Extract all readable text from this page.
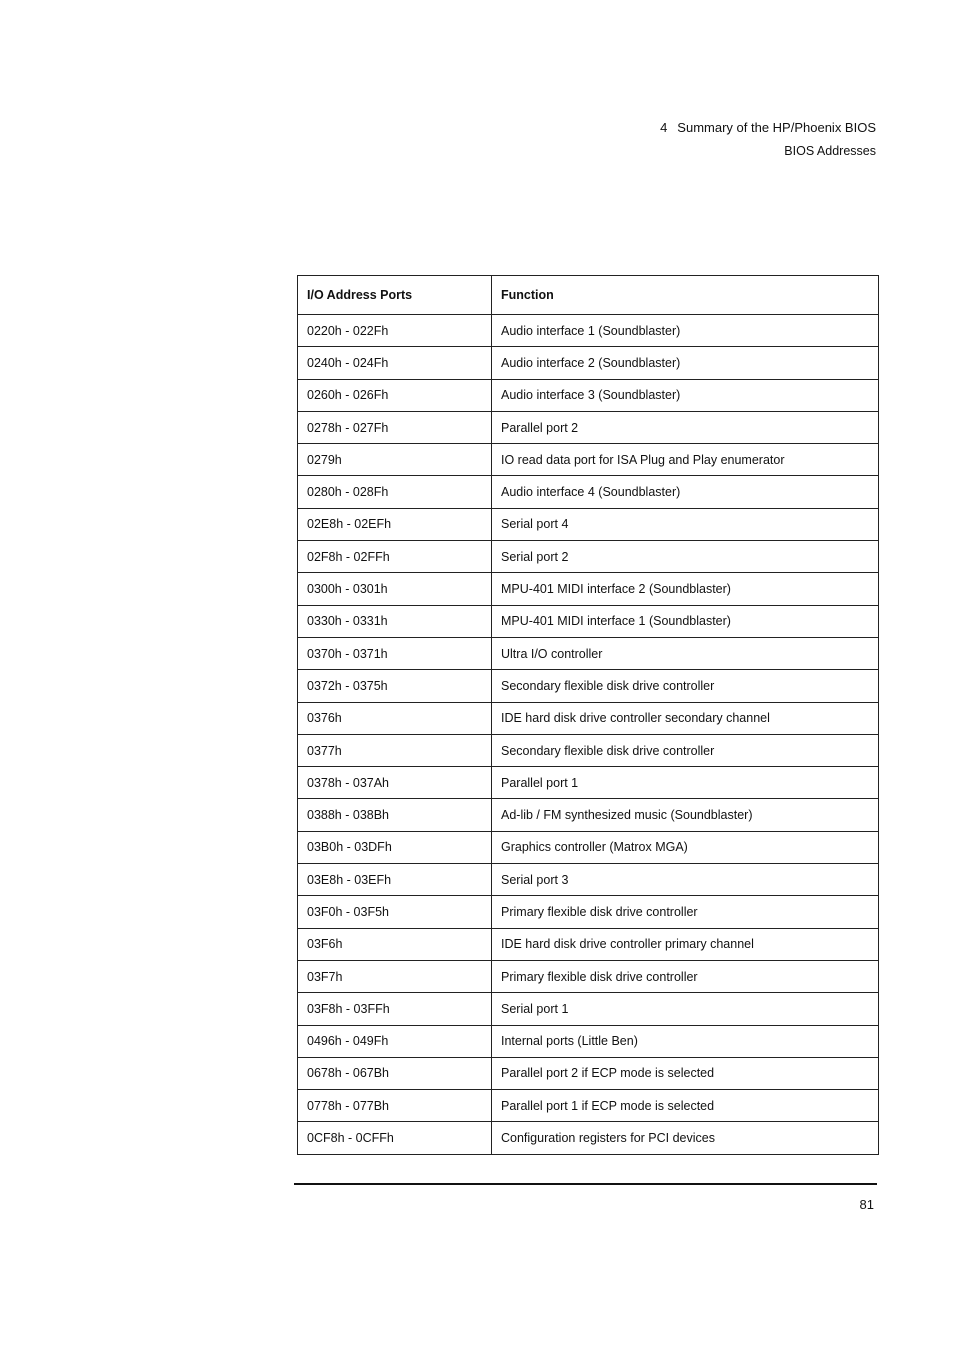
4 Summary of the HP/Phoenix BIOS
BIOS Addresses
I/O Address Ports	Function
0220h - 022Fh	Audio interface 1 (Soundblaster)
0240h - 024Fh	Audio interface 2 (Soundblaster)
0260h - 026Fh	Audio interface 3 (Soundblaster)
0278h - 027Fh	Parallel port 2
0279h	IO read data port for ISA Plug and Play enumerator
0280h - 028Fh	Audio interface 4 (Soundblaster)
02E8h - 02EFh	Serial port 4
02F8h - 02FFh	Serial port 2
0300h - 0301h	MPU-401 MIDI interface 2 (Soundblaster)
0330h - 0331h	MPU-401 MIDI interface 1 (Soundblaster)
0370h - 0371h	Ultra I/O controller
0372h - 0375h	Secondary flexible disk drive controller
0376h	IDE hard disk drive controller secondary channel
0377h	Secondary flexible disk drive controller
0378h - 037Ah	Parallel port 1
0388h - 038Bh	Ad-lib / FM synthesized music (Soundblaster)
03B0h - 03DFh	Graphics controller (Matrox MGA)
03E8h - 03EFh	Serial port 3
03F0h - 03F5h	Primary flexible disk drive controller
03F6h	IDE hard disk drive controller primary channel
03F7h	Primary flexible disk drive controller
03F8h - 03FFh	Serial port 1
0496h - 049Fh	Internal ports (Little Ben)
0678h - 067Bh	Parallel port 2 if ECP mode is selected
0778h - 077Bh	Parallel port 1 if ECP mode is selected
0CF8h - 0CFFh	Configuration registers for PCI devices
81
